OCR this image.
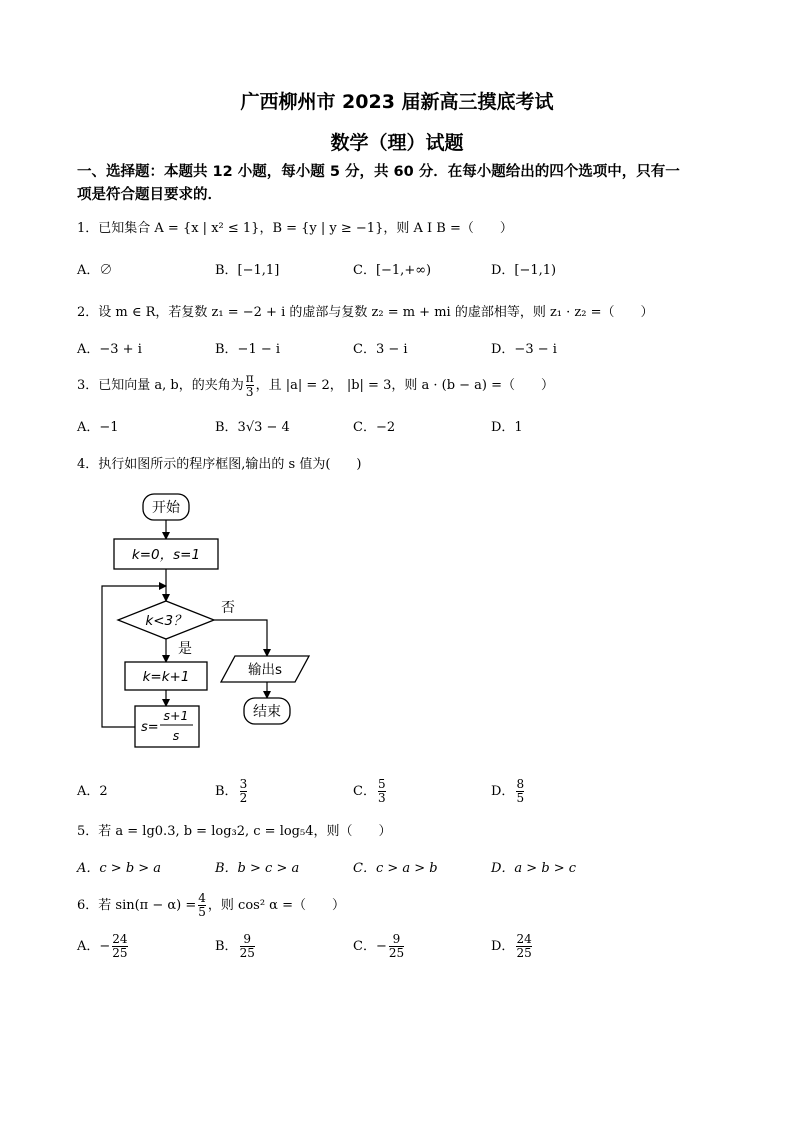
广西柳州市 2023 届新高三摸底考试
数学（理）试题
一、选择题：本题共 12 小题，每小题 5 分，共 60 分．在每小题给出的四个选项中，只有一
项是符合题目要求的．
1．已知集合 A = {x | x² ≤ 1}，B = {y | y ≥ −1}，则 A I B =（　　）
A．∅	B．[−1,1]	C．[−1,+∞)	D．[−1,1)
2．设 m ∈ R，若复数 z₁ = −2 + i 的虚部与复数 z₂ = m + mi 的虚部相等，则 z₁ · z₂ =（　　）
A．−3 + i	B．−1 − i	C．3 − i	D．−3 − i
3．已知向量 a, b，的夹角为 $\frac{\pi}{3}$ ，且 |a| = 2， |b| = 3，则 a · (b − a) =（　　）
A．−1	B．3√3 − 4	C．−2	D．1
4．执行如图所示的程序框图,输出的 s 值为(　　)
开始
k=0，s=1
k<3？
否
是
k=k+1
s=
s+1
s
输出s
结束
A．2	B． $\frac{3}{2}$	C． $\frac{5}{3}$	D． $\frac{8}{5}$
5．若 a = lg0.3, b = log₃2, c = log₅4，则（　　）
A．c > b > a	B．b > c > a	C．c > a > b	D．a > b > c
6．若 $\sin(\pi - \alpha) = \frac{4}{5}$ ，则 cos² α =（　　）
A．− $\frac{24}{25}$	B． $\frac{9}{25}$	C．− $\frac{9}{25}$	D． $\frac{24}{25}$
